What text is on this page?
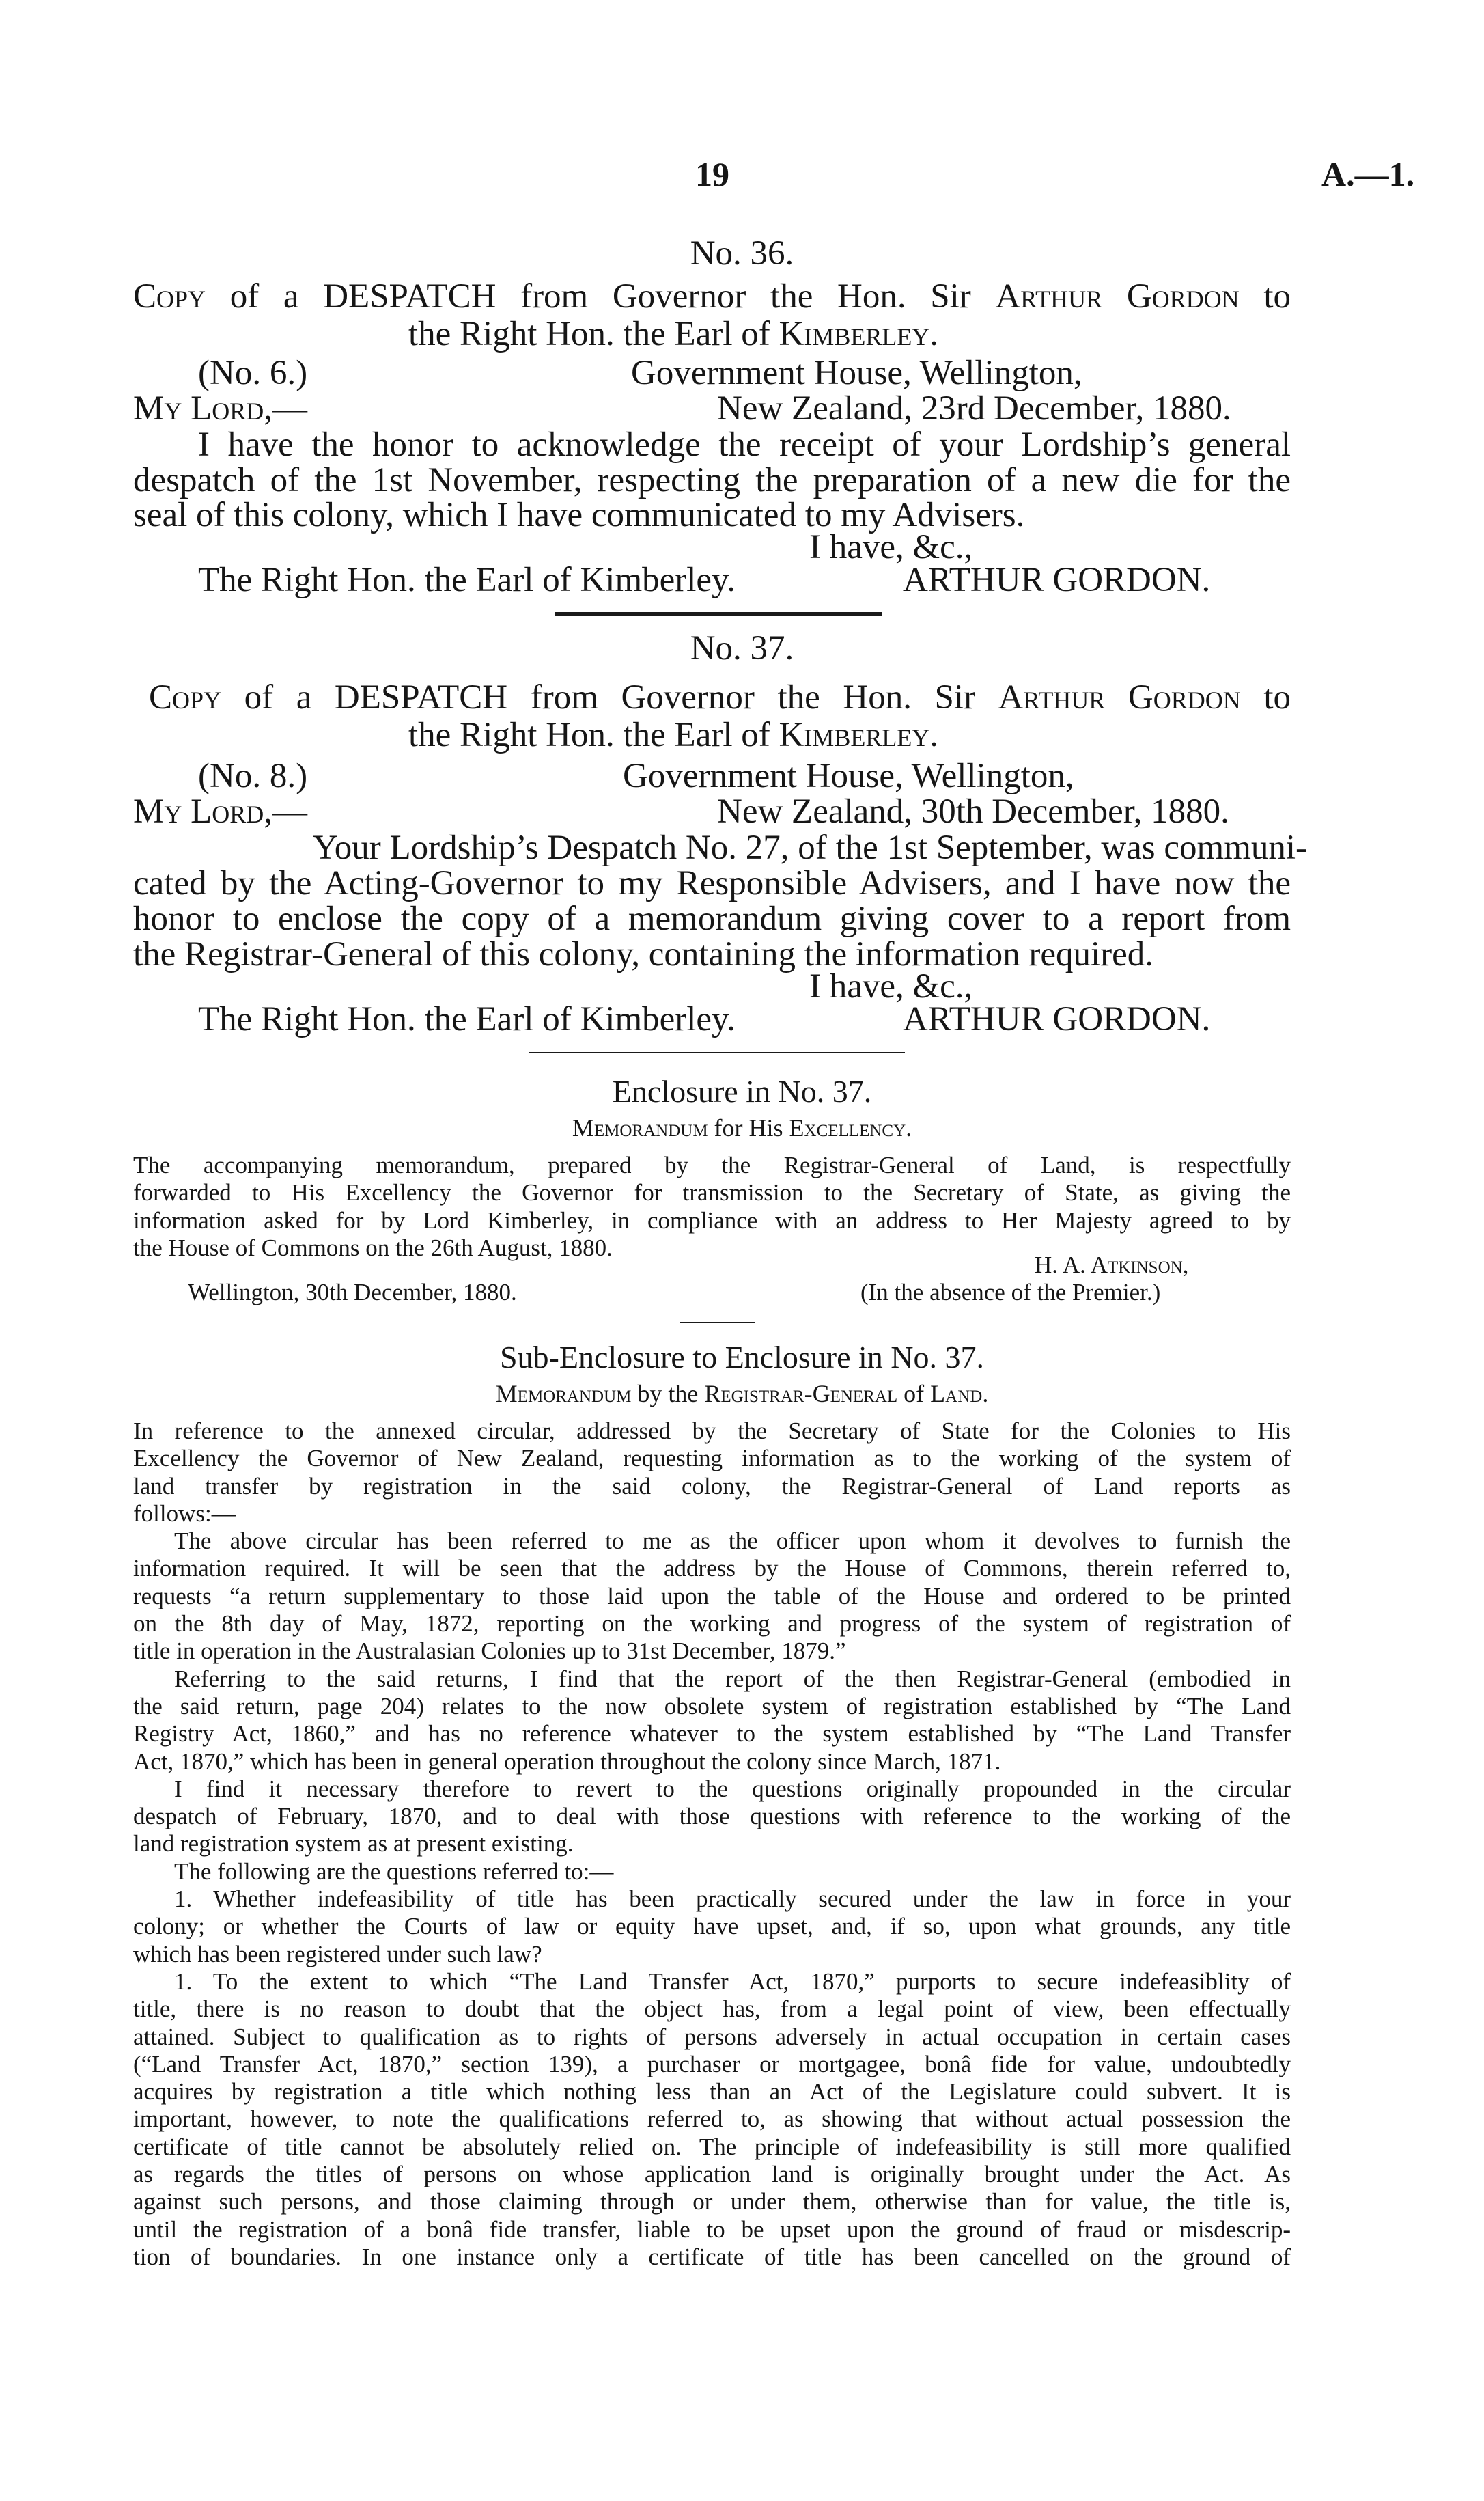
19	A.—1.
No. 36.
Copy of a DESPATCH from Governor the Hon. Sir Arthur Gordon to
the Right Hon. the Earl of Kimberley.
(No. 6.)	Government House, Wellington,
My Lord,—	New Zealand, 23rd December, 1880.
I have the honor to acknowledge the receipt of your Lordship’s general
despatch of the 1st November, respecting the preparation of a new die for the
seal of this colony, which I have communicated to my Advisers.
I have, &c.,
The Right Hon. the Earl of Kimberley.	ARTHUR GORDON.
No. 37.
Copy of a DESPATCH from Governor the Hon. Sir Arthur Gordon to
the Right Hon. the Earl of Kimberley.
(No. 8.)	Government House, Wellington,
My Lord,—	New Zealand, 30th December, 1880.
Your Lordship’s Despatch No. 27, of the 1st September, was communi-
cated by the Acting-Governor to my Responsible Advisers, and I have now the
honor to enclose the copy of a memorandum giving cover to a report from
the Registrar-General of this colony, containing the information required.
I have, &c.,
The Right Hon. the Earl of Kimberley.	ARTHUR GORDON.
Enclosure in No. 37.
Memorandum for His Excellency.
The accompanying memorandum, prepared by the Registrar-General of Land, is respectfully
forwarded to His Excellency the Governor for transmission to the Secretary of State, as giving the
information asked for by Lord Kimberley, in compliance with an address to Her Majesty agreed to by
the House of Commons on the 26th August, 1880.
H. A. Atkinson,
Wellington, 30th December, 1880.	(In the absence of the Premier.)
Sub-Enclosure to Enclosure in No. 37.
Memorandum by the Registrar-General of Land.
In reference to the annexed circular, addressed by the Secretary of State for the Colonies to His
Excellency the Governor of New Zealand, requesting information as to the working of the system of
land transfer by registration in the said colony, the Registrar-General of Land reports as
follows:—
The above circular has been referred to me as the officer upon whom it devolves to furnish the
information required. It will be seen that the address by the House of Commons, therein referred to,
requests “a return supplementary to those laid upon the table of the House and ordered to be printed
on the 8th day of May, 1872, reporting on the working and progress of the system of registration of
title in operation in the Australasian Colonies up to 31st December, 1879.”
Referring to the said returns, I find that the report of the then Registrar-General (embodied in
the said return, page 204) relates to the now obsolete system of registration established by “The Land
Registry Act, 1860,” and has no reference whatever to the system established by “The Land Transfer
Act, 1870,” which has been in general operation throughout the colony since March, 1871.
I find it necessary therefore to revert to the questions originally propounded in the circular
despatch of February, 1870, and to deal with those questions with reference to the working of the
land registration system as at present existing.
The following are the questions referred to:—
1. Whether indefeasibility of title has been practically secured under the law in force in your
colony; or whether the Courts of law or equity have upset, and, if so, upon what grounds, any title
which has been registered under such law?
1. To the extent to which “The Land Transfer Act, 1870,” purports to secure indefeasiblity of
title, there is no reason to doubt that the object has, from a legal point of view, been effectually
attained. Subject to qualification as to rights of persons adversely in actual occupation in certain cases
(“Land Transfer Act, 1870,” section 139), a purchaser or mortgagee, bonâ fide for value, undoubtedly
acquires by registration a title which nothing less than an Act of the Legislature could subvert. It is
important, however, to note the qualifications referred to, as showing that without actual possession the
certificate of title cannot be absolutely relied on. The principle of indefeasibility is still more qualified
as regards the titles of persons on whose application land is originally brought under the Act. As
against such persons, and those claiming through or under them, otherwise than for value, the title is,
until the registration of a bonâ fide transfer, liable to be upset upon the ground of fraud or misdescrip-
tion of boundaries. In one instance only a certificate of title has been cancelled on the ground of
